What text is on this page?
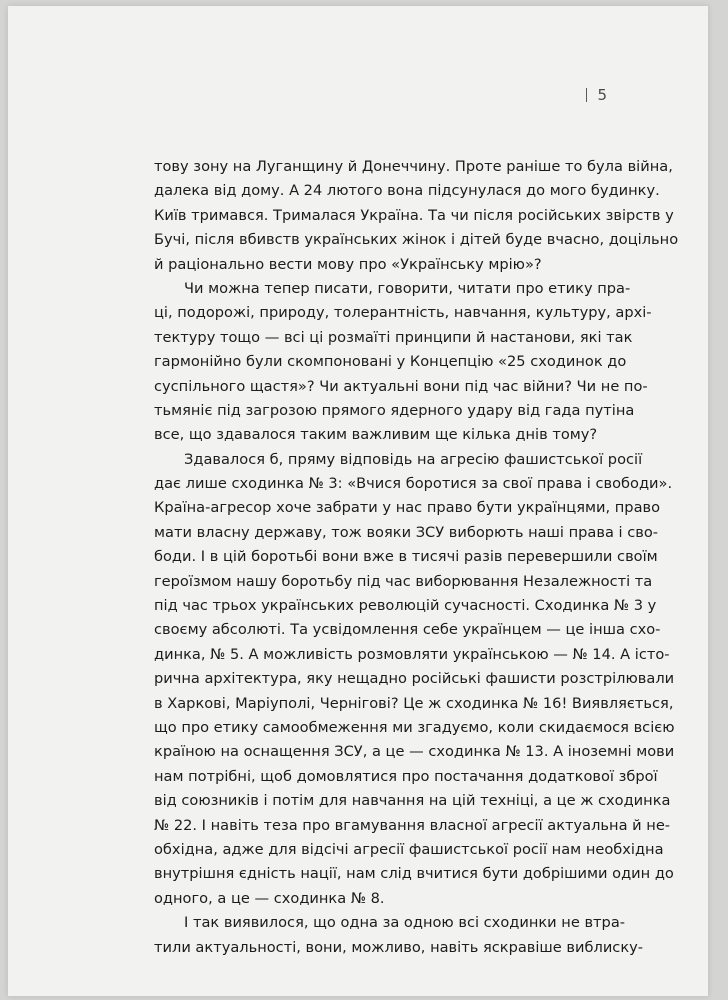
5
тову зону на Луганщину й Донеччину. Проте раніше то була війна,
далека від дому. А 24 лютого вона підсунулася до мого будинку.
Київ тримався. Трималася Україна. Та чи після російських звірств у
Бучі, після вбивств українських жінок і дітей буде вчасно, доцільно
й раціонально вести мову про «Українську мрію»?
Чи можна тепер писати, говорити, читати про етику пра-
ці, подорожі, природу, толерантність, навчання, культуру, архі-
тектуру тощо — всі ці розмаїті принципи й настанови, які так
гармонійно були скомпоновані у Концепцію «25 сходинок до
суспільного щастя»? Чи актуальні вони під час війни? Чи не по-
тьмяніє під загрозою прямого ядерного удару від гада путіна
все, що здавалося таким важливим ще кілька днів тому?
Здавалося б, пряму відповідь на агресію фашистської росії
дає лише сходинка № 3: «Вчися боротися за свої права і свободи».
Країна-агресор хоче забрати у нас право бути українцями, право
мати власну державу, тож вояки ЗСУ виборють наші права і сво-
боди. І в цій боротьбі вони вже в тисячі разів перевершили своїм
героїзмом нашу боротьбу під час виборювання Незалежності та
під час трьох українських революцій сучасності. Сходинка № 3 у
своєму абсолюті. Та усвідомлення себе українцем — це інша схо-
динка, № 5. А можливість розмовляти українською — № 14. А істо-
рична архітектура, яку нещадно російські фашисти розстрілювали
в Харкові, Маріуполі, Чернігові? Це ж сходинка № 16! Виявляється,
що про етику самообмеження ми згадуємо, коли скидаємося всією
країною на оснащення ЗСУ, а це — сходинка № 13. А іноземні мови
нам потрібні, щоб домовлятися про постачання додаткової зброї
від союзників і потім для навчання на цій техніці, а це ж сходинка
№ 22. І навіть теза про вгамування власної агресії актуальна й не-
обхідна, адже для відсічі агресії фашистської росії нам необхідна
внутрішня єдність нації, нам слід вчитися бути добрішими один до
одного, а це — сходинка № 8.
І так виявилося, що одна за одною всі сходинки не втра-
тили актуальності, вони, можливо, навіть яскравіше виблиску-
